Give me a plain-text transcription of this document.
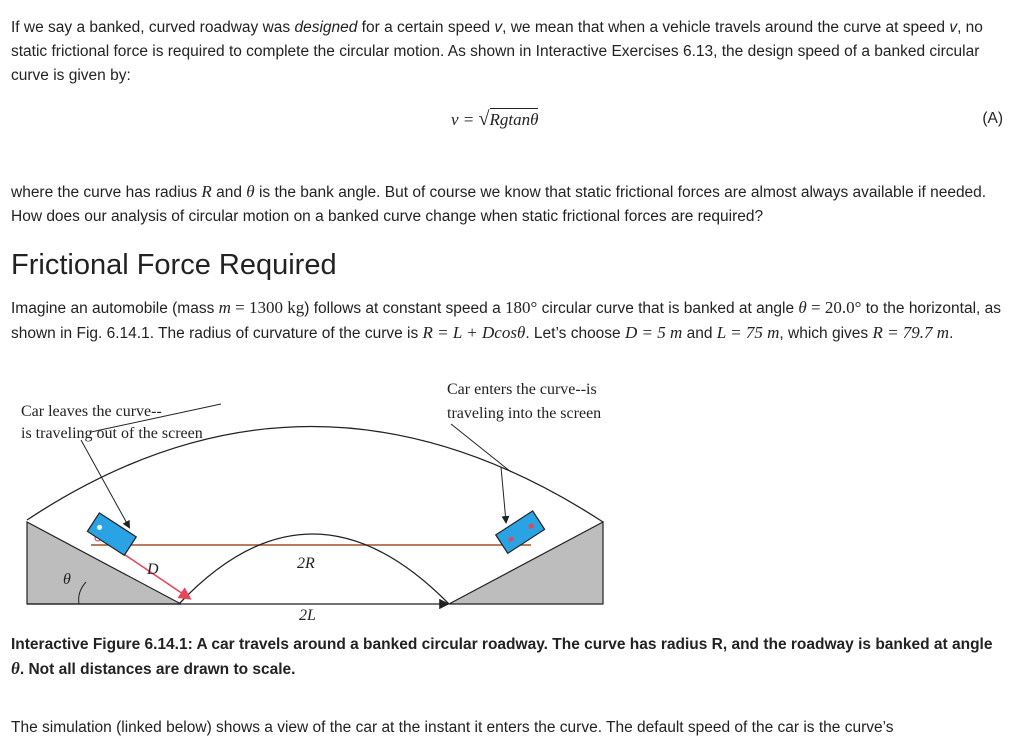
If we say a banked, curved roadway was designed for a certain speed v, we mean that when a vehicle travels around the curve at speed v, no static frictional force is required to complete the circular motion. As shown in Interactive Exercises 6.13, the design speed of a banked circular curve is given by:

v = √Rgtanθ	(A)

where the curve has radius R and θ is the bank angle. But of course we know that static frictional forces are almost always available if needed. How does our analysis of circular motion on a banked curve change when static frictional forces are required?

Frictional Force Required

Imagine an automobile (mass m = 1300 kg) follows at constant speed a 180° circular curve that is banked at angle θ = 20.0° to the horizontal, as shown in Fig. 6.14.1. The radius of curvature of the curve is R = L + Dcosθ. Let’s choose D = 5 m and L = 75 m, which gives R = 79.7 m.

Car leaves the curve--
is traveling out of the screen
Car enters the curve--is
traveling into the screen
θ
D	2R
2L

Interactive Figure 6.14.1: A car travels around a banked circular roadway. The curve has radius R, and the roadway is banked at angle θ. Not all distances are drawn to scale.

The simulation (linked below) shows a view of the car at the instant it enters the curve. The default speed of the car is the curve’s
